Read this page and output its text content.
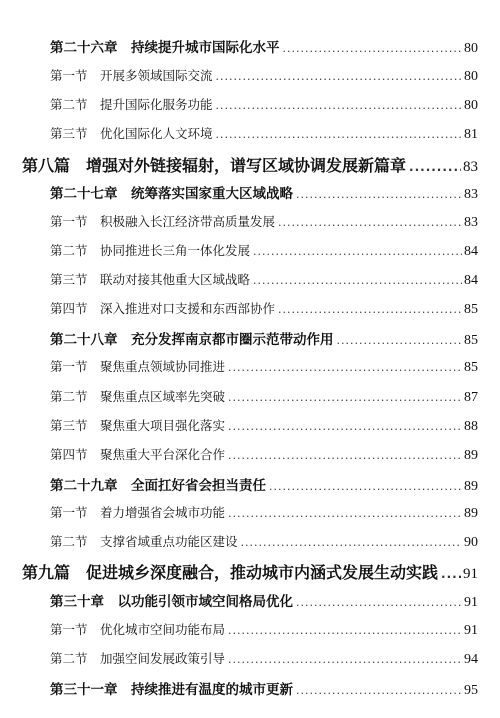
第二十六章　持续提升城市国际化水平 .....	80
第一节　开展多领域国际交流 .....	80
第二节　提升国际化服务功能 .....	80
第三节　优化国际化人文环境 .....	81
第八篇　增强对外链接辐射，谱写区域协调发展新篇章 .....	83
第二十七章　统筹落实国家重大区域战略 .....	83
第一节　积极融入长江经济带高质量发展 .....	83
第二节　协同推进长三角一体化发展 .....	84
第三节　联动对接其他重大区域战略 .....	84
第四节　深入推进对口支援和东西部协作 .....	85
第二十八章　充分发挥南京都市圈示范带动作用 .....	85
第一节　聚焦重点领域协同推进 .....	85
第二节　聚焦重点区域率先突破 .....	87
第三节　聚焦重大项目强化落实 .....	88
第四节　聚焦重大平台深化合作 .....	89
第二十九章　全面扛好省会担当责任 .....	89
第一节　着力增强省会城市功能 .....	89
第二节　支撑省域重点功能区建设 .....	90
第九篇　促进城乡深度融合，推动城市内涵式发展生动实践 ..... 91
第三十章　以功能引领市域空间格局优化 .....	91
第一节　优化城市空间功能布局 .....	91
第二节　加强空间发展政策引导 .....	94
第三十一章　持续推进有温度的城市更新 .....	95
